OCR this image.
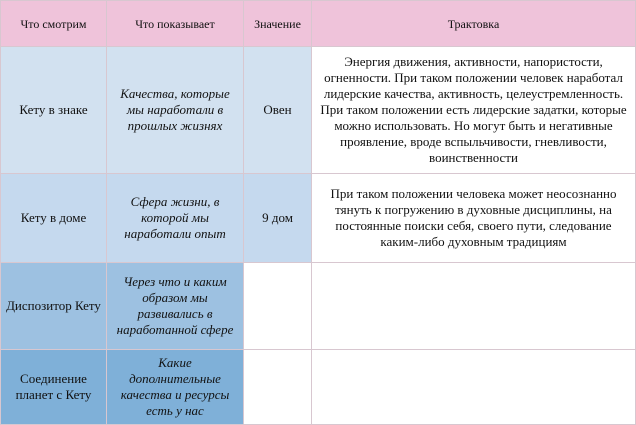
Что смотрим	Что показывает	Значение	Трактовка
Кету в знаке	Качества, которые мы наработали в прошлых жизнях	Овен	Энергия движения, активности, напористости, огненности. При таком положении человек наработал лидерские качества, активность, целеустремленность. При таком положении есть лидерские задатки, которые можно использовать. Но могут быть и негативные проявление, вроде вспыльчивости, гневливости, воинственности
Кету в доме	Сфера жизни, в которой мы наработали опыт	9 дом	При таком положении человека может неосознанно тянуть к погружению в духовные дисциплины, на постоянные поиски себя, своего пути, следование каким-либо духовным традициям
Диспозитор Кету	Через что и каким образом мы развивались в наработанной сфере		
Соединение планет с Кету	Какие дополнительные качества и ресурсы есть у нас		
